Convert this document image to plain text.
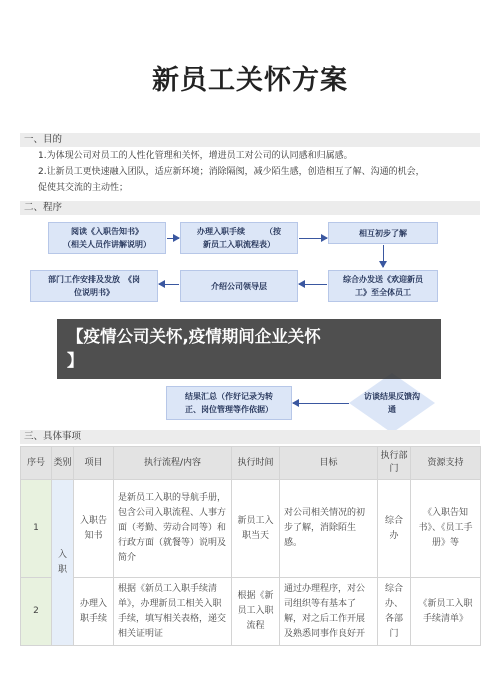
新员工关怀方案
一、目的
1.为体现公司对员工的人性化管理和关怀，增进员工对公司的认同感和归属感。
2.让新员工更快速融入团队，适应新环境；消除隔阂，减少陌生感，创造相互了解、沟通的机会，
促使其交流的主动性；
二、程序
阅读《入职告知书》
（相关人员作讲解说明）
办理入职手续　　　（按
新员工入职流程表）
相互初步了解
部门工作安排及发放　《岗
位说明书》
介绍公司领导层
综合办发送《欢迎新员
工》至全体员工
结果汇总（作好记录为转
正、岗位管理等作依据）
访谈结果反馈沟
通
【疫情公司关怀,疫情期间企业关怀
】
三、具体事项
序号	类别	项目	执行流程/内容	执行时间	目标	执行部门	资源支持
1	入职	入职告知书	是新员工入职的导航手册，包含公司入职流程、人事方面（考勤、劳动合同等）和行政方面（就餐等）说明及简介	新员工入职当天	对公司相关情况的初步了解，消除陌生感。	综合办	《入职告知书》、《员工手册》等
2		办理入职手续	根据《新员工入职手续清单》，办理新员工相关入职手续，填写相关表格，递交相关证明证	根据《新员工入职流程	通过办理程序，对公司组织等有基本了解，对之后工作开展及熟悉同事作良好开	综合办、各部门	《新员工入职手续清单》
